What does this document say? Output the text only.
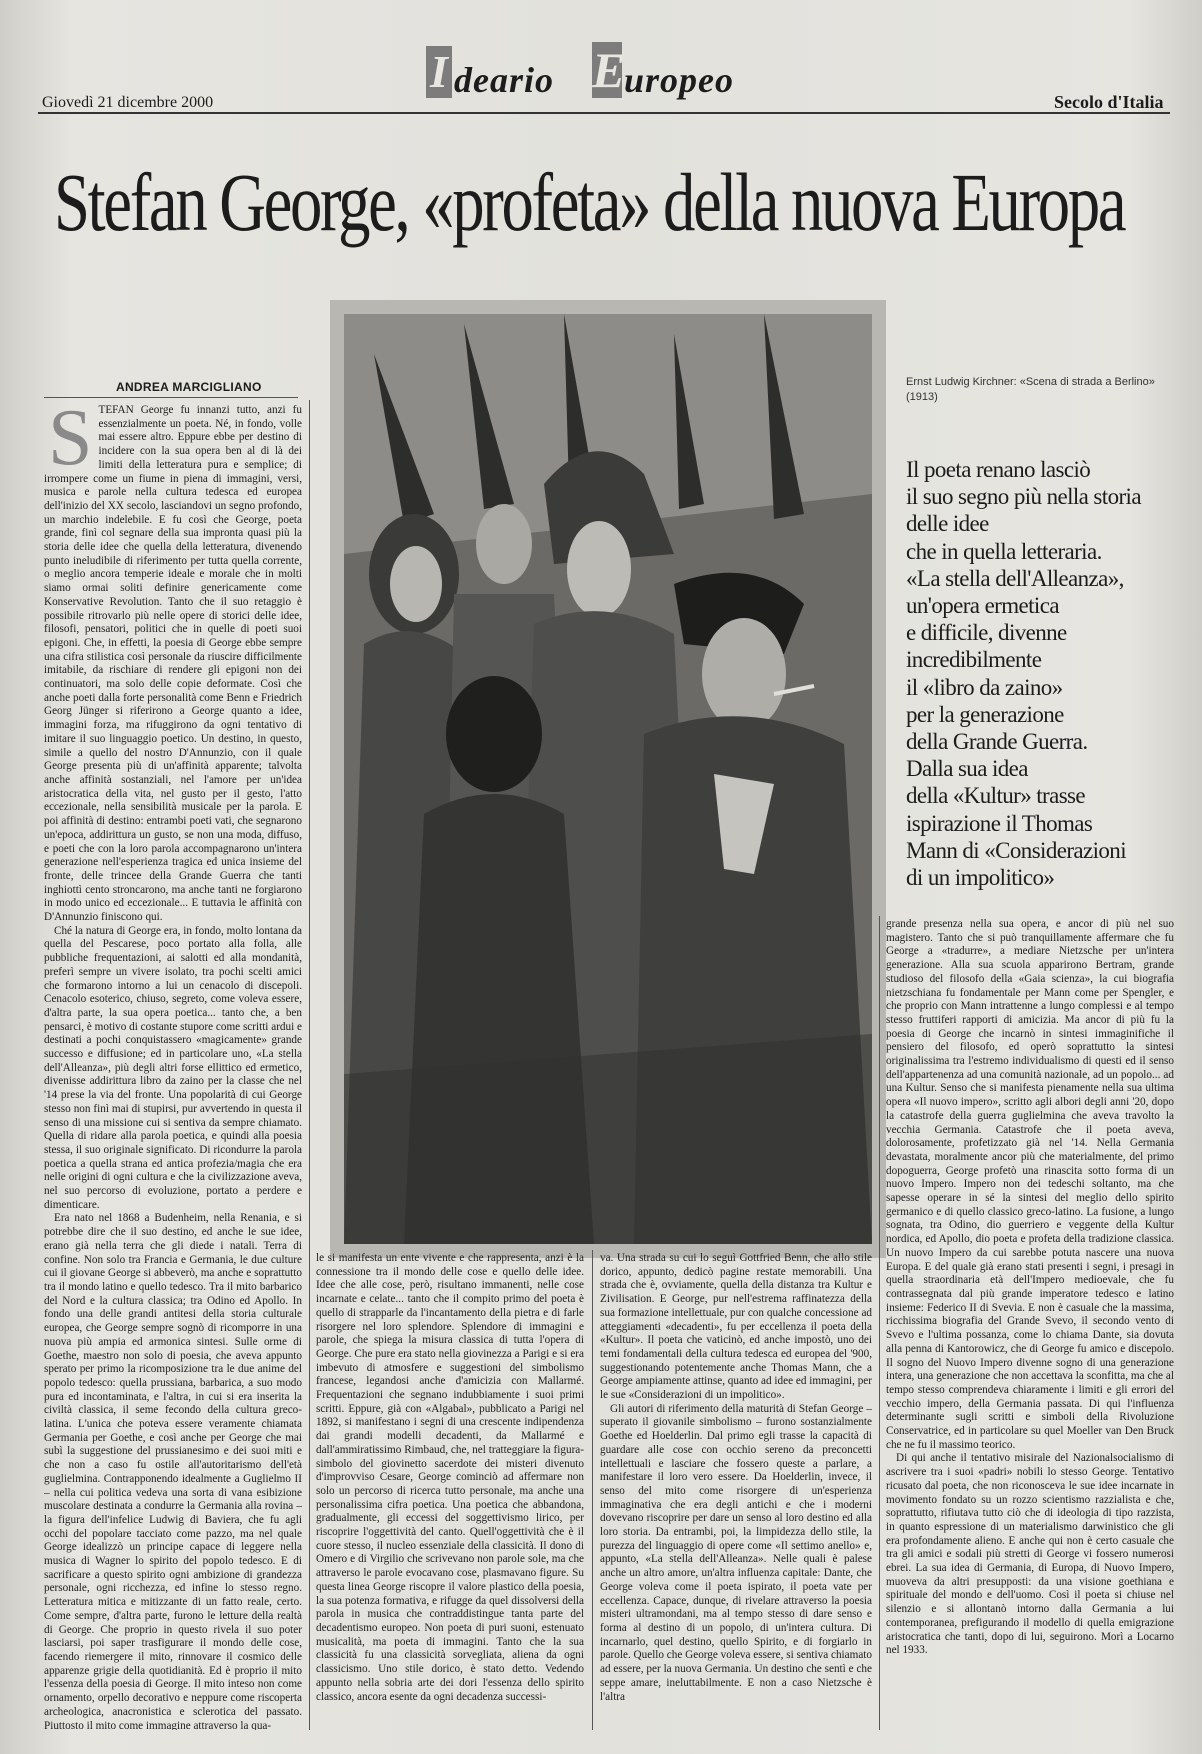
Giovedì 21 dicembre 2000
I deario E
uropeo
Secolo d'Italia
Stefan George, «profeta» della nuova Europa
ANDREA MARCIGLIANO
S TEFAN George fu innanzi tutto, anzi fu essenzialmente un poeta. Né, in fondo, volle mai essere altro. Eppure ebbe per destino di incidere con la sua opera ben al di là dei limiti della letteratura pura e semplice; di irrompere come un fiume in piena di immagini, versi, musica e parole nella cultura tedesca ed europea dell'inizio del XX secolo, lasciandovi un segno profondo, un marchio indelebile. E fu così che George, poeta grande, finì col segnare della sua impronta quasi più la storia delle idee che quella della letteratura, divenendo punto ineludibile di riferimento per tutta quella corrente, o meglio ancora temperie ideale e morale che in molti siamo ormai soliti definire genericamente come Konservative Revolution. Tanto che il suo retaggio è possibile ritrovarlo più nelle opere di storici delle idee, filosofi, pensatori, politici che in quelle di poeti suoi epigoni. Che, in effetti, la poesia di George ebbe sempre una cifra stilistica così personale da riuscire difficilmente imitabile, da rischiare di rendere gli epigoni non dei continuatori, ma solo delle copie deformate. Così che anche poeti dalla forte personalità come Benn e Friedrich Georg Jünger si riferirono a George quanto a idee, immagini forza, ma rifuggirono da ogni tentativo di imitare il suo linguaggio poetico. Un destino, in questo, simile a quello del nostro D'Annunzio, con il quale George presenta più di un'affinità apparente; talvolta anche affinità sostanziali, nel l'amore per un'idea aristocratica della vita, nel gusto per il gesto, l'atto eccezionale, nella sensibilità musicale per la parola. E poi affinità di destino: entrambi poeti vati, che segnarono un'epoca, addirittura un gusto, se non una moda, diffuso, e poeti che con la loro parola accompagnarono un'intera generazione nell'esperienza tragica ed unica insieme del fronte, delle trincee della Grande Guerra che tanti inghiottì cento stroncarono, ma anche tanti ne forgiarono in modo unico ed eccezionale... E tuttavia le affinità con D'Annunzio finiscono qui.

Ché la natura di George era, in fondo, molto lontana da quella del Pescarese, poco portato alla folla, alle pubbliche frequentazioni, ai salotti ed alla mondanità, preferì sempre un vivere isolato, tra pochi scelti amici che formarono intorno a lui un cenacolo di discepoli. Cenacolo esoterico, chiuso, segreto, come voleva essere, d'altra parte, la sua opera poetica... tanto che, a ben pensarci, è motivo di costante stupore come scritti ardui e destinati a pochi conquistassero «magicamente» grande successo e diffusione; ed in particolare uno, «La stella dell'Alleanza», più degli altri forse ellittico ed ermetico, divenisse addirittura libro da zaino per la classe che nel '14 prese la via del fronte. Una popolarità di cui George stesso non finì mai di stupirsi, pur avvertendo in questa il senso di una missione cui si sentiva da sempre chiamato. Quella di ridare alla parola poetica, e quindi alla poesia stessa, il suo originale significato. Di ricondurre la parola poetica a quella strana ed antica profezia/magia che era nelle origini di ogni cultura e che la civilizzazione aveva, nel suo percorso di evoluzione, portato a perdere e dimenticare.

Era nato nel 1868 a Budenheim, nella Renania, e si potrebbe dire che il suo destino, ed anche le sue idee, erano già nella terra che gli diede i natali. Terra di confine. Non solo tra Francia e Germania, le due culture cui il giovane George si abbeverò, ma anche e soprattutto tra il mondo latino e quello tedesco. Tra il mito barbarico del Nord e la cultura classica; tra Odino ed Apollo. In fondo una delle grandi antitesi della storia culturale europea, che George sempre sognò di ricomporre in una nuova più ampia ed armonica sintesi. Sulle orme di Goethe, maestro non solo di poesia, che aveva appunto sperato per primo la ricomposizione tra le due anime del popolo tedesco: quella prussiana, barbarica, a suo modo pura ed incontaminata, e l'altra, in cui si era inserita la civiltà classica, il seme fecondo della cultura greco-latina. L'unica che poteva essere veramente chiamata Germania per Goethe, e così anche per George che mai subì la suggestione del prussianesimo e dei suoi miti e che non a caso fu ostile all'autoritarismo dell'età guglielmina. Contrapponendo idealmente a Guglielmo II – nella cui politica vedeva una sorta di vana esibizione muscolare destinata a condurre la Germania alla rovina – la figura dell'infelice Ludwig di Baviera, che fu agli occhi del popolare tacciato come pazzo, ma nel quale George idealizzò un principe capace di leggere nella musica di Wagner lo spirito del popolo tedesco. E di sacrificare a questo spirito ogni ambizione di grandezza personale, ogni ricchezza, ed infine lo stesso regno. Letteratura mitica e mitizzante di un fatto reale, certo. Come sempre, d'altra parte, furono le letture della realtà di George. Che proprio in questo rivela il suo poter lasciarsi, poi saper trasfigurare il mondo delle cose, facendo riemergere il mito, rinnovare il cosmico delle apparenze grigie della quotidianità. Ed è proprio il mito l'essenza della poesia di George. Il mito inteso non come ornamento, orpello decorativo e neppure come riscoperta archeologica, anacronistica e sclerotica del passato. Piuttosto il mito come immagine attraverso la qua-

Ernst Ludwig Kirchner: «Scena di strada a Berlino» (1913)
Il poeta renano lasciò
il suo segno più nella storia
delle idee
che in quella letteraria.
«La stella dell'Alleanza»,
un'opera ermetica
e difficile, divenne
incredibilmente
il «libro da zaino»
per la generazione
della Grande Guerra.
Dalla sua idea
della «Kultur» trasse
ispirazione il Thomas
Mann di «Considerazioni
di un impolitico»

le si manifesta un ente vivente e che rappresenta, anzi è la connessione tra il mondo delle cose e quello delle idee. Idee che alle cose, però, risultano immanenti, nelle cose incarnate e celate... tanto che il compito primo del poeta è quello di strapparle da l'incantamento della pietra e di farle risorgere nel loro splendore. Splendore di immagini e parole, che spiega la misura classica di tutta l'opera di George. Che pure era stato nella giovinezza a Parigi e si era imbevuto di atmosfere e suggestioni del simbolismo francese, legandosi anche d'amicizia con Mallarmé. Frequentazioni che segnano indubbiamente i suoi primi scritti. Eppure, già con «Algabal», pubblicato a Parigi nel 1892, si manifestano i segni di una crescente indipendenza dai grandi modelli decadenti, da Mallarmé e dall'ammiratissimo Rimbaud, che, nel tratteggiare la figura-simbolo del giovinetto sacerdote dei misteri divenuto d'improvviso Cesare, George cominciò ad affermare non solo un percorso di ricerca tutto personale, ma anche una personalissima cifra poetica. Una poetica che abbandona, gradualmente, gli eccessi del soggettivismo lirico, per riscoprire l'oggettività del canto. Quell'oggettività che è il cuore stesso, il nucleo essenziale della classicità. Il dono di Omero e di Virgilio che scrivevano non parole sole, ma che attraverso le parole evocavano cose, plasmavano figure. Su questa linea George riscopre il valore plastico della poesia, la sua potenza formativa, e rifugge da quel dissolversi della parola in musica che contraddistingue tanta parte del decadentismo europeo. Non poeta di puri suoni, estenuato musicalità, ma poeta di immagini. Tanto che la sua classicità fu una classicità sorvegliata, aliena da ogni classicismo. Uno stile dorico, è stato detto. Vedendo appunto nella sobria arte dei dori l'essenza dello spirito classico, ancora esente da ogni decadenza successi-

va. Una strada su cui lo seguì Gottfried Benn, che allo stile dorico, appunto, dedicò pagine restate memorabili. Una strada che è, ovviamente, quella della distanza tra Kultur e Zivilisation. E George, pur nell'estrema raffinatezza della sua formazione intellettuale, pur con qualche concessione ad atteggiamenti «decadenti», fu per eccellenza il poeta della «Kultur». Il poeta che vaticinò, ed anche impostò, uno dei temi fondamentali della cultura tedesca ed europea del '900, suggestionando potentemente anche Thomas Mann, che a George ampiamente attinse, quanto ad idee ed immagini, per le sue «Considerazioni di un impolitico».

Gli autori di riferimento della maturità di Stefan George – superato il giovanile simbolismo – furono sostanzialmente Goethe ed Hoelderlin. Dal primo egli trasse la capacità di guardare alle cose con occhio sereno da preconcetti intellettuali e lasciare che fossero queste a parlare, a manifestare il loro vero essere. Da Hoelderlin, invece, il senso del mito come risorgere di un'esperienza immaginativa che era degli antichi e che i moderni dovevano riscoprire per dare un senso al loro destino ed alla loro storia. Da entrambi, poi, la limpidezza dello stile, la purezza del linguaggio di opere come «Il settimo anello» e, appunto, «La stella dell'Alleanza». Nelle quali è palese anche un altro amore, un'altra influenza capitale: Dante, che George voleva come il poeta ispirato, il poeta vate per eccellenza. Capace, dunque, di rivelare attraverso la poesia misteri ultramondani, ma al tempo stesso di dare senso e forma al destino di un popolo, di un'intera cultura. Di incarnarlo, quel destino, quello Spirito, e di forgiarlo in parole. Quello che George voleva essere, si sentiva chiamato ad essere, per la nuova Germania. Un destino che sentì e che seppe amare, ineluttabilmente. E non a caso Nietzsche è l'altra

grande presenza nella sua opera, e ancor di più nel suo magistero. Tanto che si può tranquillamente affermare che fu George a «tradurre», a mediare Nietzsche per un'intera generazione. Alla sua scuola apparirono Bertram, grande studioso del filosofo della «Gaia scienza», la cui biografia nietzschiana fu fondamentale per Mann come per Spengler, e che proprio con Mann intrattenne a lungo complessi e al tempo stesso fruttiferi rapporti di amicizia. Ma ancor di più fu la poesia di George che incarnò in sintesi immaginifiche il pensiero del filosofo, ed operò soprattutto la sintesi originalissima tra l'estremo individualismo di questi ed il senso dell'appartenenza ad una comunità nazionale, ad un popolo... ad una Kultur. Senso che si manifesta pienamente nella sua ultima opera «Il nuovo impero», scritto agli albori degli anni '20, dopo la catastrofe della guerra guglielmina che aveva travolto la vecchia Germania. Catastrofe che il poeta aveva, dolorosamente, profetizzato già nel '14. Nella Germania devastata, moralmente ancor più che materialmente, del primo dopoguerra, George profetò una rinascita sotto forma di un nuovo Impero. Impero non dei tedeschi soltanto, ma che sapesse operare in sé la sintesi del meglio dello spirito germanico e di quello classico greco-latino. La fusione, a lungo sognata, tra Odino, dio guerriero e veggente della Kultur nordica, ed Apollo, dio poeta e profeta della tradizione classica. Un nuovo Impero da cui sarebbe potuta nascere una nuova Europa. E del quale già erano stati presenti i segni, i presagi in quella straordinaria età dell'Impero medioevale, che fu contrassegnata dal più grande imperatore tedesco e latino insieme: Federico II di Svevia. E non è casuale che la massima, ricchissima biografia del Grande Svevo, il secondo vento di Svevo e l'ultima possanza, come lo chiama Dante, sia dovuta alla penna di Kantorowicz, che di George fu amico e discepolo. Il sogno del Nuovo Impero divenne sogno di una generazione intera, una generazione che non accettava la sconfitta, ma che al tempo stesso comprendeva chiaramente i limiti e gli errori del vecchio impero, della Germania passata. Di qui l'influenza determinante sugli scritti e simboli della Rivoluzione Conservatrice, ed in particolare su quel Moeller van Den Bruck che ne fu il massimo teorico.

Di qui anche il tentativo misirale del Nazionalsocialismo di ascrivere tra i suoi «padri» nobili lo stesso George. Tentativo ricusato dal poeta, che non riconosceva le sue idee incarnate in movimento fondato su un rozzo scientismo razzialista e che, soprattutto, rifiutava tutto ciò che di ideologia di tipo razzista, in quanto espressione di un materialismo darwinistico che gli era profondamente alieno. E anche qui non è certo casuale che tra gli amici e sodali più stretti di George vi fossero numerosi ebrei. La sua idea di Germania, di Europa, di Nuovo Impero, muoveva da altri presupposti: da una visione goethiana e spirituale del mondo e dell'uomo. Così il poeta si chiuse nel silenzio e si allontanò intorno dalla Germania a lui contemporanea, prefigurando il modello di quella emigrazione aristocratica che tanti, dopo di lui, seguirono. Morì a Locarno nel 1933.
